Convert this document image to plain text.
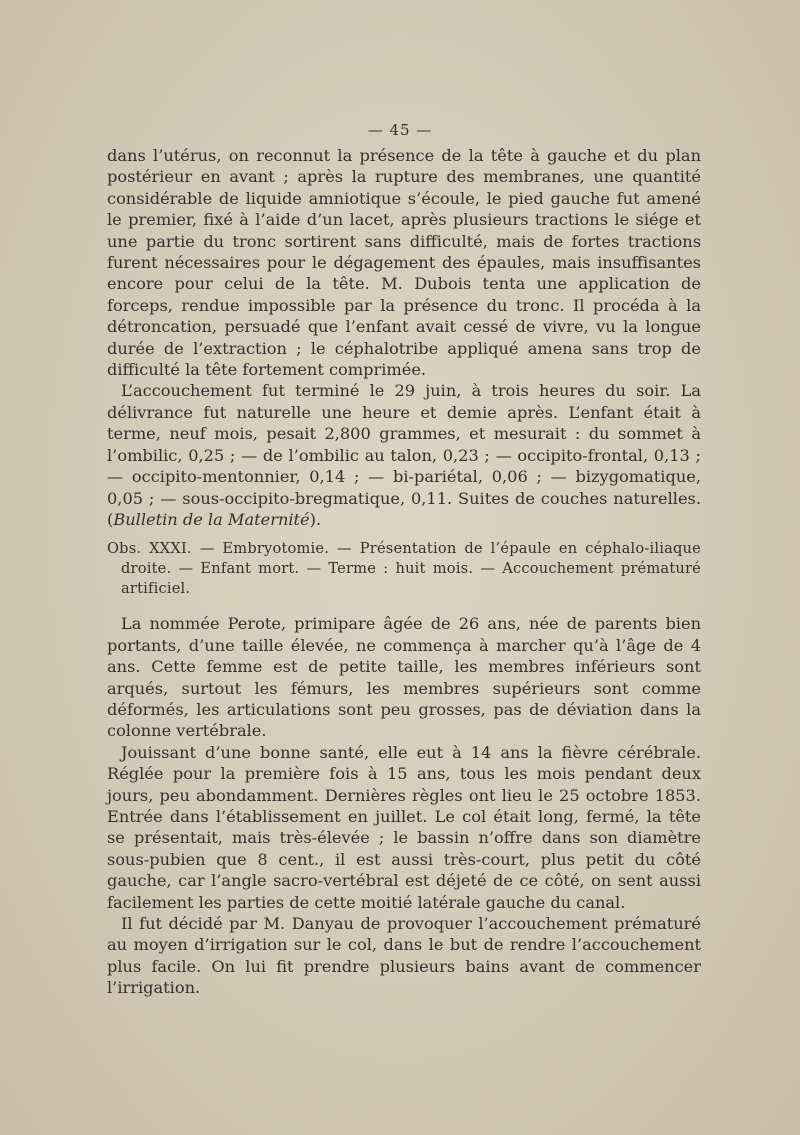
— 45 —

dans l’utérus, on reconnut la présence de la tête à gauche et du plan postérieur en avant ; après la rupture des membranes, une quantité considérable de liquide amniotique s’écoule, le pied gauche fut amené le premier, fixé à l’aide d’un lacet, après plusieurs tractions le siége et une partie du tronc sortirent sans difficulté, mais de fortes tractions furent nécessaires pour le dégagement des épaules, mais insuffisantes encore pour celui de la tête. M. Dubois tenta une application de forceps, rendue impossible par la présence du tronc. Il procéda à la détroncation, persuadé que l’enfant avait cessé de vivre, vu la longue durée de l’extraction ; le céphalotribe appliqué amena sans trop de difficulté la tête fortement comprimée.

L’accouchement fut terminé le 29 juin, à trois heures du soir. La délivrance fut naturelle une heure et demie après. L’enfant était à terme, neuf mois, pesait 2,800 grammes, et mesurait : du sommet à l’ombilic, 0,25 ; — de l’ombilic au talon, 0,23 ; — occipito-frontal, 0,13 ; — occipito-mentonnier, 0,14 ; — bi-pariétal, 0,06 ; — bizygomatique, 0,05 ; — sous-occipito-bregmatique, 0,11. Suites de couches naturelles. (Bulletin de la Maternité).

Obs. XXXI. — Embryotomie. — Présentation de l’épaule en céphalo-iliaque droite. — Enfant mort. — Terme : huit mois. — Accouchement prématuré artificiel.

La nommée Perote, primipare âgée de 26 ans, née de parents bien portants, d’une taille élevée, ne commença à marcher qu’à l’âge de 4 ans. Cette femme est de petite taille, les membres inférieurs sont arqués, surtout les fémurs, les membres supérieurs sont comme déformés, les articulations sont peu grosses, pas de déviation dans la colonne vertébrale.

Jouissant d’une bonne santé, elle eut à 14 ans la fièvre cérébrale. Réglée pour la première fois à 15 ans, tous les mois pendant deux jours, peu abondamment. Dernières règles ont lieu le 25 octobre 1853. Entrée dans l’établissement en juillet. Le col était long, fermé, la tête se présentait, mais très-élevée ; le bassin n’offre dans son diamètre sous-pubien que 8 cent., il est aussi très-court, plus petit du côté gauche, car l’angle sacro-vertébral est déjeté de ce côté, on sent aussi facilement les parties de cette moitié latérale gauche du canal.

Il fut décidé par M. Danyau de provoquer l’accouchement prématuré au moyen d’irrigation sur le col, dans le but de rendre l’accouchement plus facile. On lui fit prendre plusieurs bains avant de commencer l’irrigation.
